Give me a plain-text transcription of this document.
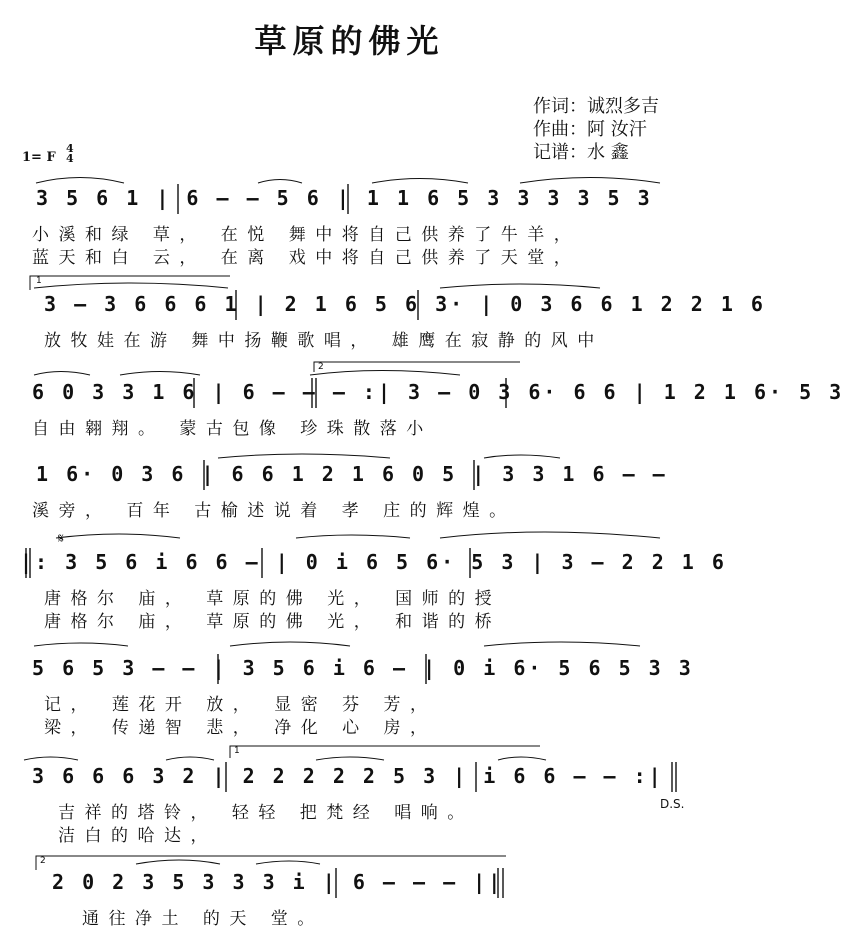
草原的佛光
作词：诚烈多吉
作曲：阿 汝汗
记谱：水 鑫
1= F
4
4
𝄋
1
2
1
2
D.S.
3 5 6 1 | 6 — — 5 6 | 1 1 6 5 3 3 3 3 5 3
小溪和绿 草， 在悦 舞中将自己供养了牛羊，
蓝天和白 云， 在离 戏中将自己供养了天堂，
3 — 3 6 6 6 1 | 2 1 6 5 6 3· | 0 3 6 6 1 2 2 1 6
放牧娃在游 舞中扬鞭歌唱， 雄鹰在寂静的风中
6 0 3 3 1 6 | 6 — — — :| 3 — 0 3 6· 6 6 | 1 2 1 6· 5 3
自由翱翔。 蒙古包像 珍珠散落小
1 6· 0 3 6 | 6 6 1 2 1 6 0 5 | 3 3 1 6 — —
溪旁， 百年 古榆述说着 孝 庄的辉煌。
|: 3 5 6 i 6 6 — | 0 i 6 5 6· 5 3 | 3 — 2 2 1 6
唐格尔 庙， 草原的佛 光， 国师的授
唐格尔 庙， 草原的佛 光， 和谐的桥
5 6 5 3 — — | 3 5 6 i 6 — | 0 i 6· 5 6 5 3 3
记， 莲花开 放， 显密 芬 芳，
梁， 传递智 悲， 净化 心 房，
3 6 6 6 3 2 | 2 2 2 2 2 5 3 | i 6 6 — — :|
吉祥的塔铃， 轻轻 把梵经 唱响。
洁白的哈达，
2 0 2 3 5 3 3 3 i | 6 — — — ||
通往净土 的天 堂。
